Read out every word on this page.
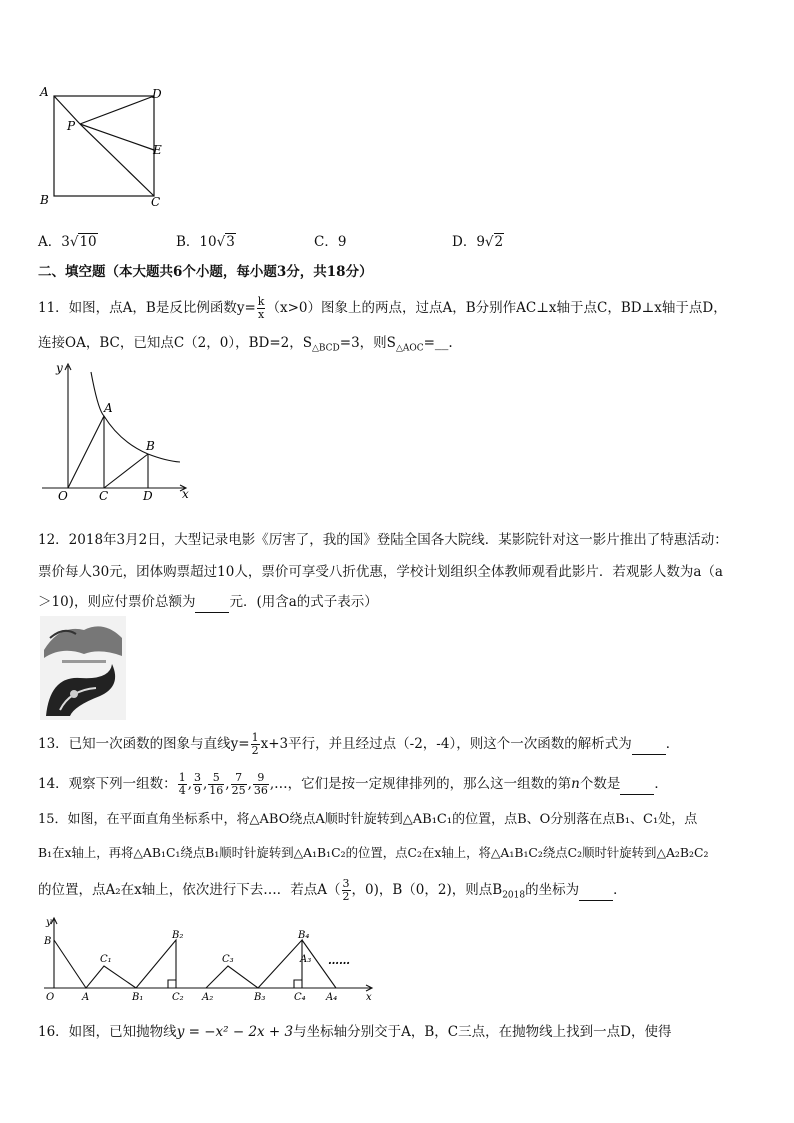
A
B	C
D
P
E
A．3√10	B．10√3	C．9	D．9√2
二、填空题（本大题共6个小题，每小题3分，共18分）
11．如图，点A，B是反比例函数$y= \frac{k}{x} (x>0)$图象上的两点，过点A，B分别作AC⊥x轴于点C，BD⊥x轴于点D，
连接OA，BC，已知点C（2，0），BD=2，$S_{\triangle BCD}=3$，则$S_{\triangle AOC}=\_\_$.
y
A
B
O	C	D x
12．2018年3月2日，大型记录电影《厉害了，我的国》登陆全国各大院线．某影院针对这一影片推出了特惠活动：
票价每人30元，团体购票超过10人，票价可享受八折优惠，学校计划组织全体教师观看此影片．若观影人数为a（a
＞10)，则应付票价总额为	元．(用含a的式子表示）
13．已知一次函数的图象与直线$y= \frac{1}{2} x+3$平行，并且经过点（-2，-4），则这个一次函数的解析式为	．
14．观察下列一组数： $\frac{1}{4}$ , $\frac{3}{9}$ , $\frac{5}{16}$ , $\frac{7}{25}$ , $\frac{9}{36}$ ,…，它们是按一定规律排列的，那么这一组数的第n个数是	．
15．如图，在平面直角坐标系中，将△ABO绕点A顺时针旋转到△AB₁C₁的位置，点B、O分别落在点B₁、C₁处，点
B₁在x轴上，再将△AB₁C₁绕点B₁顺时针旋转到△A₁B₁C₂的位置，点C₂在x轴上，将△A₁B₁C₂绕点C₂顺时针旋转到△A₂B₂C₂
的位置，点A₂在x轴上，依次进行下去…．若点$A( \frac{3}{2}$ ，0)，B（0，2)，则点$B_{2018}$的坐标为	．
B
y
O	A
C₁
B₁
B₂
C₂ A₂
C₃
B₃
B₄
A₃
C₄ A₄	x
……
16．如图，已知抛物线y = −x² − 2x + 3与坐标轴分别交于A，B，C三点，在抛物线上找到一点D，使得
